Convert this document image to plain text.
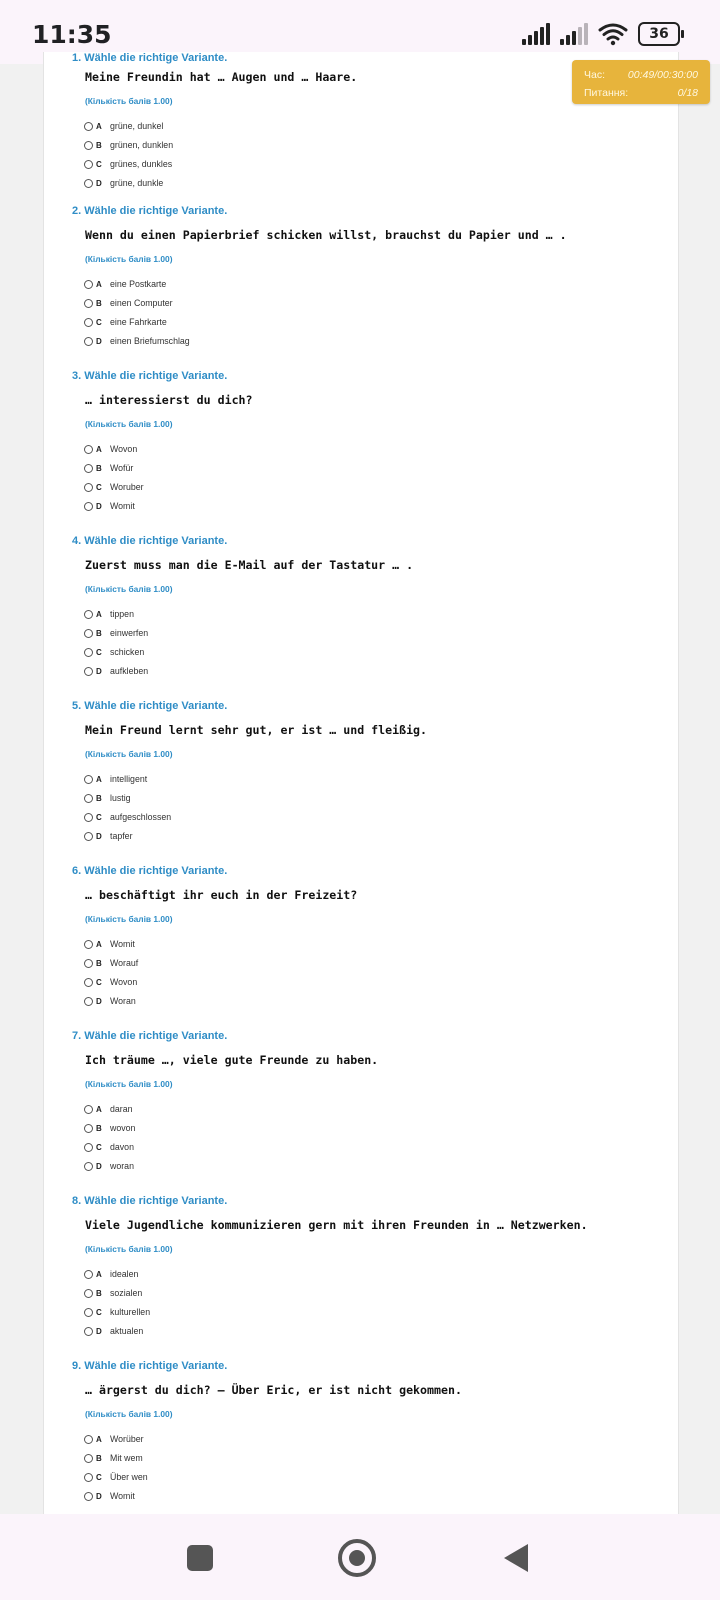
11:35	36
1. Wähle die richtige Variante.
Meine Freundin hat … Augen und … Haare.
(Кількість балів 1.00)
A grüne, dunkel
B grünen, dunklen
C grünes, dunkles
D grüne, dunkle
2. Wähle die richtige Variante.
Wenn du einen Papierbrief schicken willst, brauchst du Papier und … .
(Кількість балів 1.00)
A eine Postkarte
B einen Computer
C eine Fahrkarte
D einen Briefumschlag
3. Wähle die richtige Variante.
… interessierst du dich?
(Кількість балів 1.00)
A Wovon
B Wofür
C Woruber
D Womit
4. Wähle die richtige Variante.
Zuerst muss man die E-Mail auf der Tastatur … .
(Кількість балів 1.00)
A tippen
B einwerfen
C schicken
D aufkleben
5. Wähle die richtige Variante.
Mein Freund lernt sehr gut, er ist … und fleißig.
(Кількість балів 1.00)
A intelligent
B lustig
C aufgeschlossen
D tapfer
6. Wähle die richtige Variante.
… beschäftigt ihr euch in der Freizeit?
(Кількість балів 1.00)
A Womit
B Worauf
C Wovon
D Woran
7. Wähle die richtige Variante.
Ich träume …, viele gute Freunde zu haben.
(Кількість балів 1.00)
A daran
B wovon
C davon
D woran
8. Wähle die richtige Variante.
Viele Jugendliche kommunizieren gern mit ihren Freunden in … Netzwerken.
(Кількість балів 1.00)
A idealen
B sozialen
C kulturellen
D aktualen
9. Wähle die richtige Variante.
… ärgerst du dich? — Über Eric, er ist nicht gekommen.
(Кількість балів 1.00)
A Worüber
B Mit wem
C Über wen
D Womit
Час: 00:49/00:30:00
Питання:	0/18
